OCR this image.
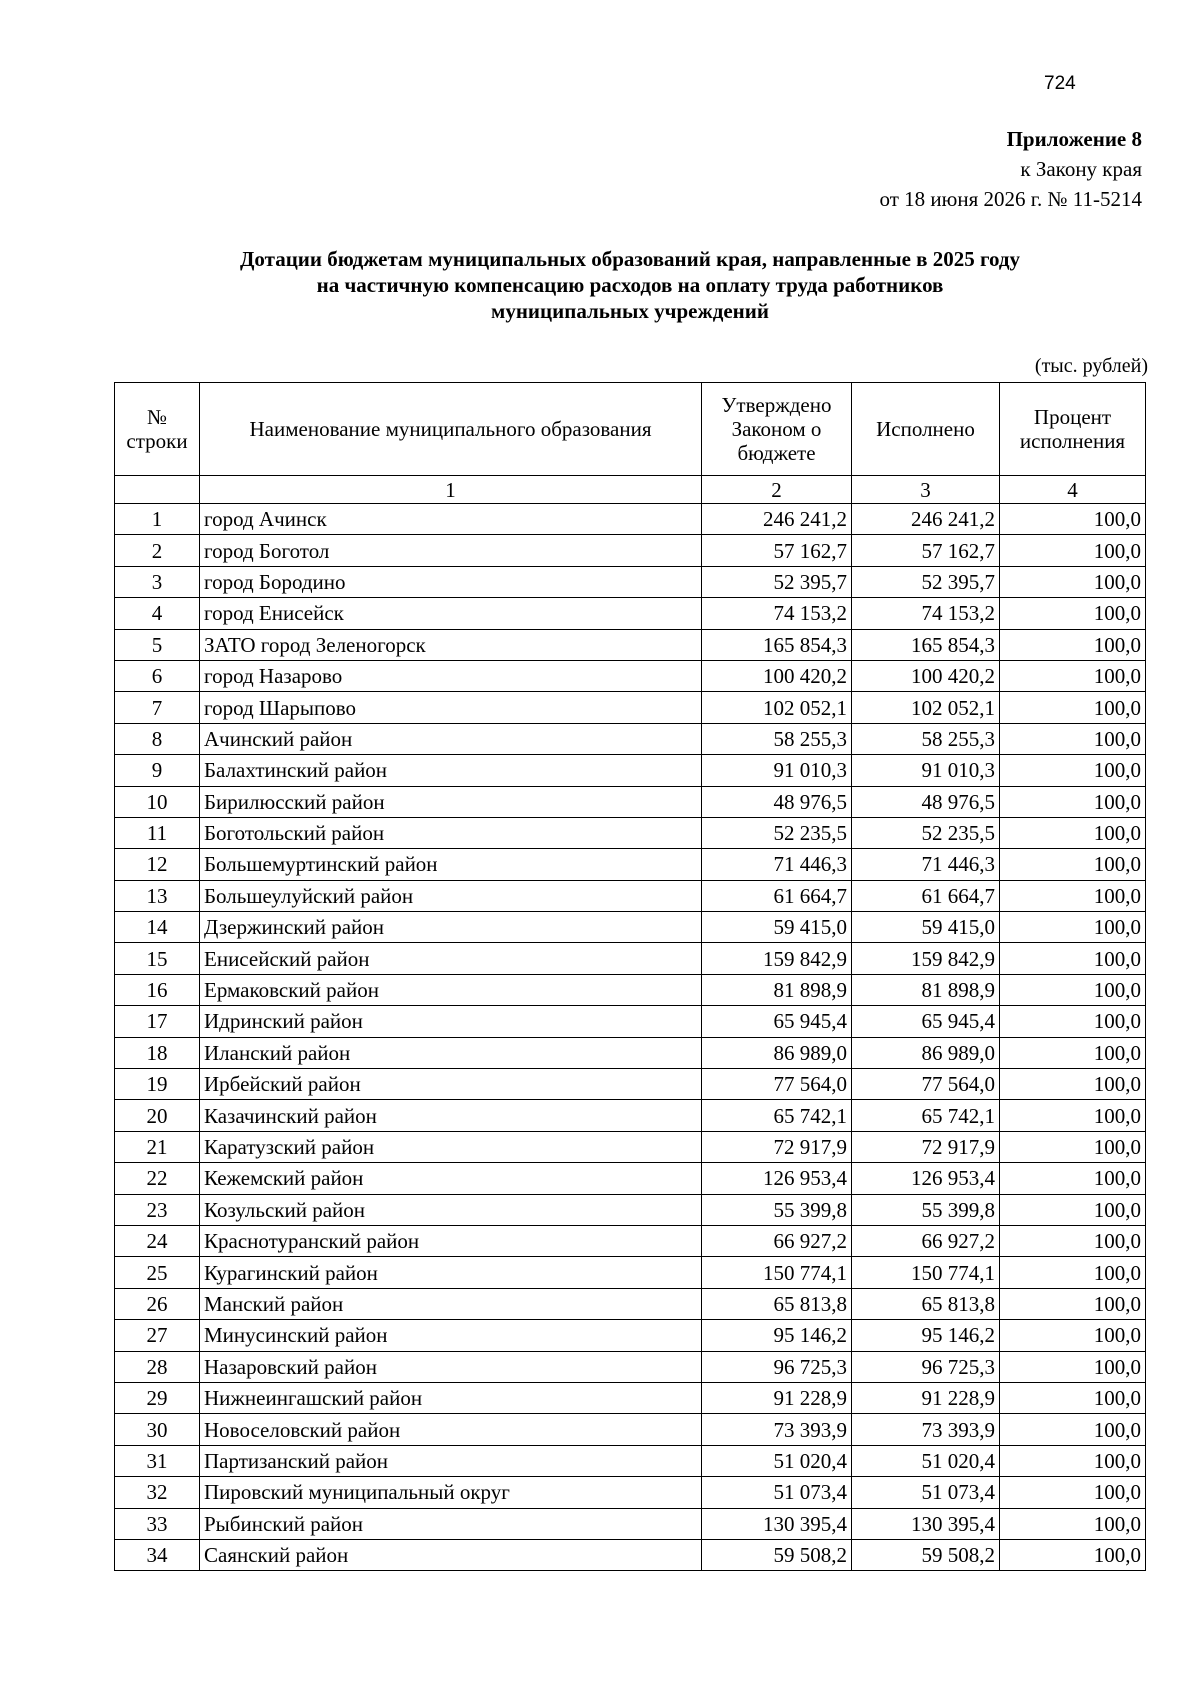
724
Приложение 8
к Закону края
от 18 июня 2026 г. № 11-5214
Дотации бюджетам муниципальных образований края, направленные в 2025 году
на частичную компенсацию расходов на оплату труда работников
муниципальных учреждений
(тыс. рублей)
№ строки	Наименование муниципального образования	Утверждено Законом о бюджете	Исполнено	Процент исполнения
	1	2	3	4
1	город Ачинск	246 241,2	246 241,2	100,0
2	город Боготол	57 162,7	57 162,7	100,0
3	город Бородино	52 395,7	52 395,7	100,0
4	город Енисейск	74 153,2	74 153,2	100,0
5	ЗАТО город Зеленогорск	165 854,3	165 854,3	100,0
6	город Назарово	100 420,2	100 420,2	100,0
7	город Шарыпово	102 052,1	102 052,1	100,0
8	Ачинский район	58 255,3	58 255,3	100,0
9	Балахтинский район	91 010,3	91 010,3	100,0
10	Бирилюсский район	48 976,5	48 976,5	100,0
11	Боготольский район	52 235,5	52 235,5	100,0
12	Большемуртинский район	71 446,3	71 446,3	100,0
13	Большеулуйский район	61 664,7	61 664,7	100,0
14	Дзержинский район	59 415,0	59 415,0	100,0
15	Енисейский район	159 842,9	159 842,9	100,0
16	Ермаковский район	81 898,9	81 898,9	100,0
17	Идринский район	65 945,4	65 945,4	100,0
18	Иланский район	86 989,0	86 989,0	100,0
19	Ирбейский район	77 564,0	77 564,0	100,0
20	Казачинский район	65 742,1	65 742,1	100,0
21	Каратузский район	72 917,9	72 917,9	100,0
22	Кежемский район	126 953,4	126 953,4	100,0
23	Козульский район	55 399,8	55 399,8	100,0
24	Краснотуранский район	66 927,2	66 927,2	100,0
25	Курагинский район	150 774,1	150 774,1	100,0
26	Манский район	65 813,8	65 813,8	100,0
27	Минусинский район	95 146,2	95 146,2	100,0
28	Назаровский район	96 725,3	96 725,3	100,0
29	Нижнеингашский район	91 228,9	91 228,9	100,0
30	Новоселовский район	73 393,9	73 393,9	100,0
31	Партизанский район	51 020,4	51 020,4	100,0
32	Пировский муниципальный округ	51 073,4	51 073,4	100,0
33	Рыбинский район	130 395,4	130 395,4	100,0
34	Саянский район	59 508,2	59 508,2	100,0
